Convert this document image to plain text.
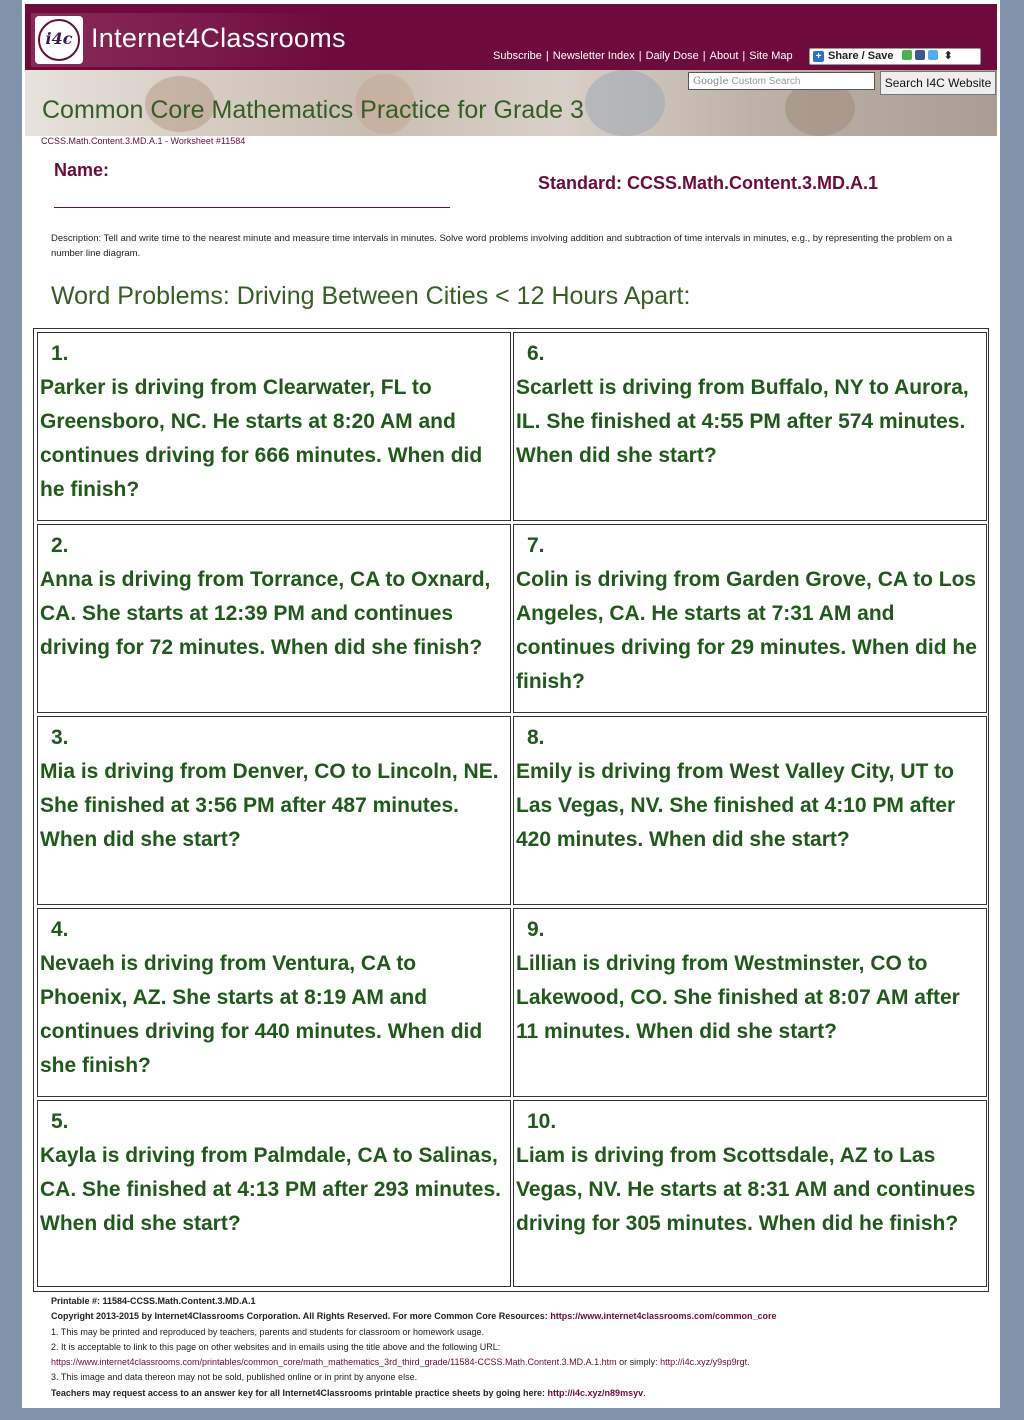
i4c Internet4Classrooms
Subscribe | Newsletter Index | Daily Dose | About | Site Map	+ Share / Save	⬍
Google Custom Search	Search I4C Website
Common Core Mathematics Practice for Grade 3
CCSS.Math.Content.3.MD.A.1 - Worksheet #11584
Name:
Standard: CCSS.Math.Content.3.MD.A.1
Description: Tell and write time to the nearest minute and measure time intervals in minutes. Solve word problems involving addition and subtraction of time intervals in minutes, e.g., by representing the problem on a number line diagram.
Word Problems: Driving Between Cities < 12 Hours Apart:
1.
Parker is driving from Clearwater, FL to Greensboro, NC. He starts at 8:20 AM and continues driving for 666 minutes. When did he finish?
2.
Anna is driving from Torrance, CA to Oxnard, CA. She starts at 12:39 PM and continues driving for 72 minutes. When did she finish?
3.
Mia is driving from Denver, CO to Lincoln, NE. She finished at 3:56 PM after 487 minutes. When did she start?
4.
Nevaeh is driving from Ventura, CA to Phoenix, AZ. She starts at 8:19 AM and continues driving for 440 minutes. When did she finish?
5.
Kayla is driving from Palmdale, CA to Salinas, CA. She finished at 4:13 PM after 293 minutes. When did she start?
6.
Scarlett is driving from Buffalo, NY to Aurora, IL. She finished at 4:55 PM after 574 minutes. When did she start?
7.
Colin is driving from Garden Grove, CA to Los Angeles, CA. He starts at 7:31 AM and continues driving for 29 minutes. When did he finish?
8.
Emily is driving from West Valley City, UT to Las Vegas, NV. She finished at 4:10 PM after 420 minutes. When did she start?
9.
Lillian is driving from Westminster, CO to Lakewood, CO. She finished at 8:07 AM after 11 minutes. When did she start?
10.
Liam is driving from Scottsdale, AZ to Las Vegas, NV. He starts at 8:31 AM and continues driving for 305 minutes. When did he finish?
Printable #: 11584-CCSS.Math.Content.3.MD.A.1
Copyright 2013-2015 by Internet4Classrooms Corporation. All Rights Reserved. For more Common Core Resources: https://www.internet4classrooms.com/common_core
1. This may be printed and reproduced by teachers, parents and students for classroom or homework usage.
2. It is acceptable to link to this page on other websites and in emails using the title above and the following URL:
https://www.internet4classrooms.com/printables/common_core/math_mathematics_3rd_third_grade/11584-CCSS.Math.Content.3.MD.A.1.htm or simply: http://i4c.xyz/y9sp9rgt.
3. This image and data thereon may not be sold, published online or in print by anyone else.
Teachers may request access to an answer key for all Internet4Classrooms printable practice sheets by going here: http://i4c.xyz/n89msyv.
